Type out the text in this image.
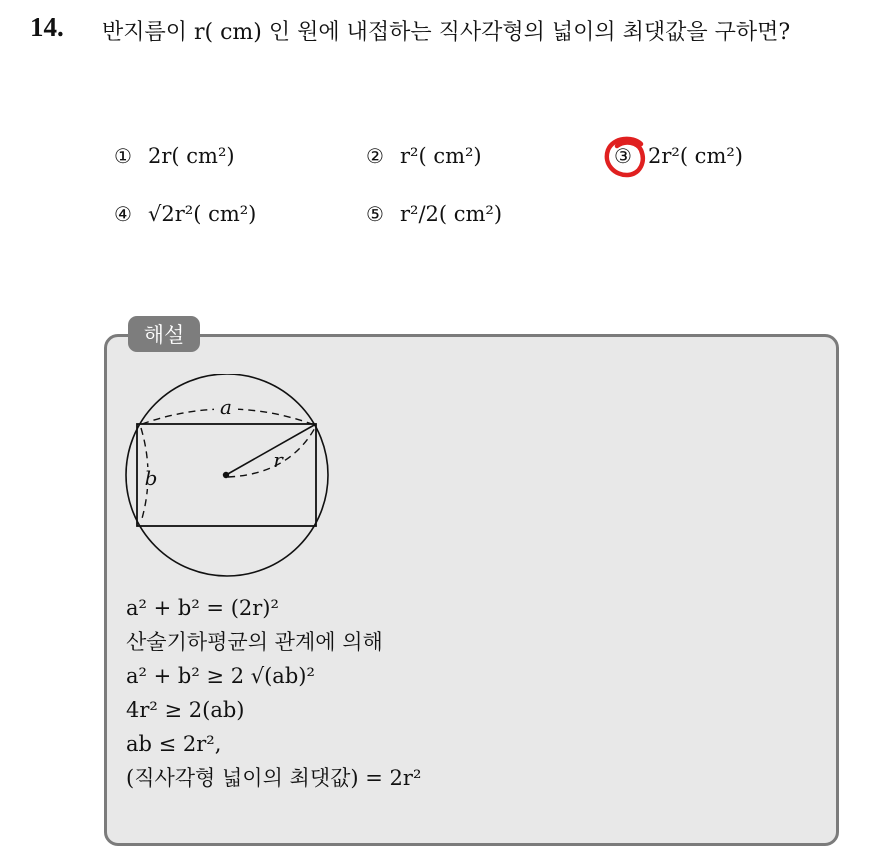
14. 반지름이 r( cm) 인 원에 내접하는 직사각형의 넓이의 최댓값을 구하면?
① 2r( cm²)	② r²( cm²)	③ 2r²( cm²)
④ √2r²( cm²)	⑤ r²/2( cm²)
해설
a
b
r
a² + b² = (2r)²
산술기하평균의 관계에 의해
a² + b² ≥ 2 √(ab)²
4r² ≥ 2(ab)
ab ≤ 2r²,
(직사각형 넓이의 최댓값) = 2r²
